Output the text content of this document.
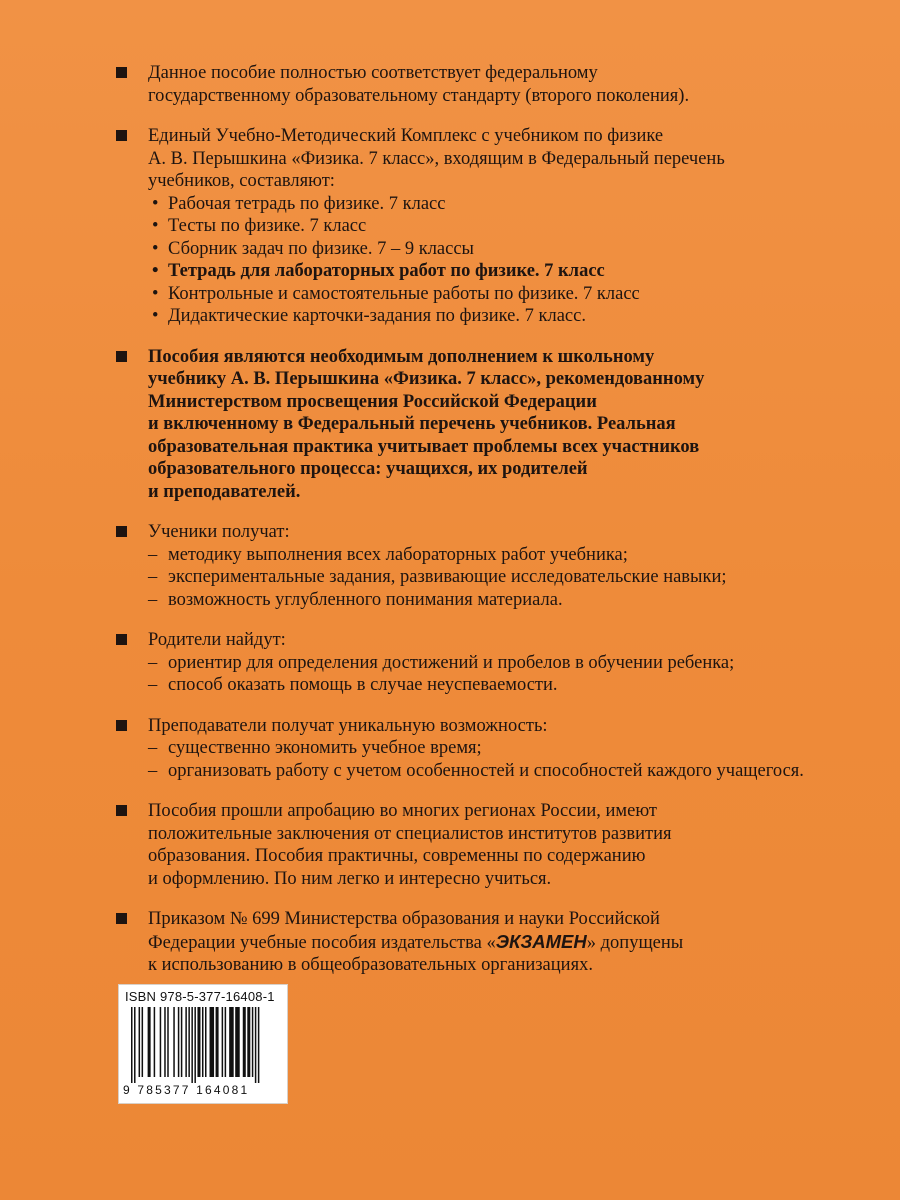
Данное пособие полностью соответствует федеральному

государственному образовательному стандарту (второго поколения).

Единый Учебно-Методический Комплекс с учебником по физике

А. В. Перышкина «Физика. 7 класс», входящим в Федеральный перечень

учебников, составляют:

• Рабочая тетрадь по физике. 7 класс
• Тесты по физике. 7 класс
• Сборник задач по физике. 7 – 9 классы
• Тетрадь для лабораторных работ по физике. 7 класс
• Контрольные и самостоятельные работы по физике. 7 класс
• Дидактические карточки-задания по физике. 7 класс.

Пособия являются необходимым дополнением к школьному

учебнику А. В. Перышкина «Физика. 7 класс», рекомендованному

Министерством просвещения Российской Федерации

и включенному в Федеральный перечень учебников. Реальная

образовательная практика учитывает проблемы всех участников

образовательного процесса: учащихся, их родителей

и преподавателей.

Ученики получат:

– методику выполнения всех лабораторных работ учебника;
– экспериментальные задания, развивающие исследовательские навыки;
– возможность углубленного понимания материала.

Родители найдут:

– ориентир для определения достижений и пробелов в обучении ребенка;
– способ оказать помощь в случае неуспеваемости.

Преподаватели получат уникальную возможность:

– существенно экономить учебное время;
– организовать работу с учетом особенностей и способностей каждого учащегося.

Пособия прошли апробацию во многих регионах России, имеют

положительные заключения от специалистов институтов развития

образования. Пособия практичны, современны по содержанию

и оформлению. По ним легко и интересно учиться.

Приказом № 699 Министерства образования и науки Российской

Федерации учебные пособия издательства «ЭКЗАМЕН» допущены

к использованию в общеобразовательных организациях.

ISBN 978-5-377-16408-1
9 785377 164081
